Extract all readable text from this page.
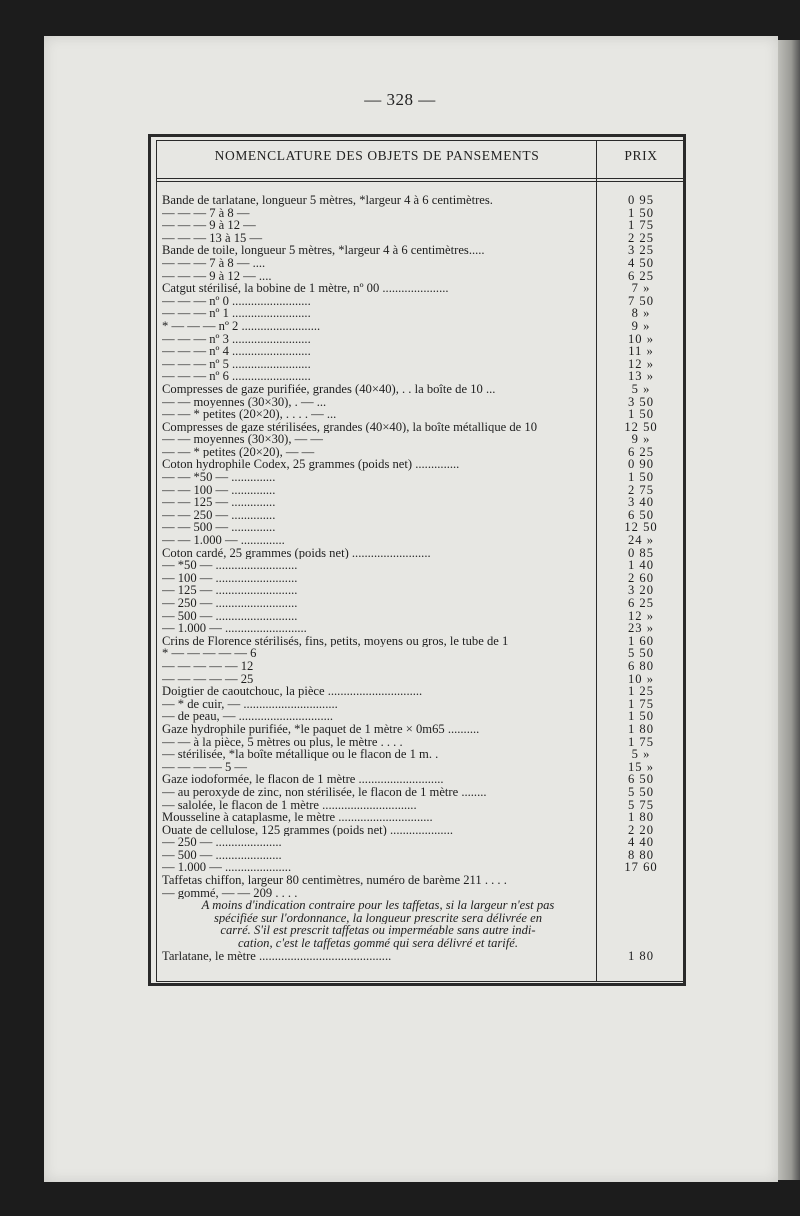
— 328 —
NOMENCLATURE DES OBJETS DE PANSEMENTS	PRIX
Bande de tarlatane, longueur 5 mètres, *largeur 4 à 6 centimètres.	0 95
— — — 7 à 8 —	1 50
— — — 9 à 12 —	1 75
— — — 13 à 15 —	2 25
Bande de toile, longueur 5 mètres, *largeur 4 à 6 centimètres.....	3 25
— — — 7 à 8 — ....	4 50
— — — 9 à 12 — ....	6 25
Catgut stérilisé, la bobine de 1 mètre, nº 00 .....................	7 »
— — — nº 0 .........................	7 50
— — — nº 1 .........................	8 »
* — — — nº 2 .........................	9 »
— — — nº 3 .........................	10 »
— — — nº 4 .........................	11 »
— — — nº 5 .........................	12 »
— — — nº 6 .........................	13 »
Compresses de gaze purifiée, grandes (40×40), . . la boîte de 10 ...	5 »
— — moyennes (30×30), . — ...	3 50
— — * petites (20×20), . . . . — ...	1 50
Compresses de gaze stérilisées, grandes (40×40), la boîte métallique de 10	12 50
— — moyennes (30×30), — —	9 »
— — * petites (20×20), — —	6 25
Coton hydrophile Codex, 25 grammes (poids net) ..............	0 90
— — *50 — ..............	1 50
— — 100 — ..............	2 75
— — 125 — ..............	3 40
— — 250 — ..............	6 50
— — 500 — ..............	12 50
— — 1.000 — ..............	24 »
Coton cardé, 25 grammes (poids net) .........................	0 85
— *50 — ..........................	1 40
— 100 — ..........................	2 60
— 125 — ..........................	3 20
— 250 — ..........................	6 25
— 500 — ..........................	12 »
— 1.000 — ..........................	23 »
Crins de Florence stérilisés, fins, petits, moyens ou gros, le tube de 1	1 60
* — — — — — 6	5 50
— — — — — 12	6 80
— — — — — 25	10 »
Doigtier de caoutchouc, la pièce ..............................	1 25
— * de cuir, — ..............................	1 75
— de peau, — ..............................	1 50
Gaze hydrophile purifiée, *le paquet de 1 mètre × 0m65 ..........	1 80
— — à la pièce, 5 mètres ou plus, le mètre . . . .	1 75
— stérilisée, *la boîte métallique ou le flacon de 1 m. .	5 »
— — — — 5 —	15 »
Gaze iodoformée, le flacon de 1 mètre ...........................	6 50
— au peroxyde de zinc, non stérilisée, le flacon de 1 mètre ........	5 50
— salolée, le flacon de 1 mètre ..............................	5 75
Mousseline à cataplasme, le mètre ..............................	1 80
Ouate de cellulose, 125 grammes (poids net) ....................	2 20
— 250 — .....................	4 40
— 500 — .....................	8 80
— 1.000 — .....................	17 60
Taffetas chiffon, largeur 80 centimètres, numéro de barème 211 . . . .
— gommé, — — 209 . . . .
A moins d'indication contraire pour les taffetas, si la largeur n'est pas
spécifiée sur l'ordonnance, la longueur prescrite sera délivrée en
carré. S'il est prescrit taffetas ou imperméable sans autre indi-
cation, c'est le taffetas gommé qui sera délivré et tarifé.
Tarlatane, le mètre ..........................................	1 80
